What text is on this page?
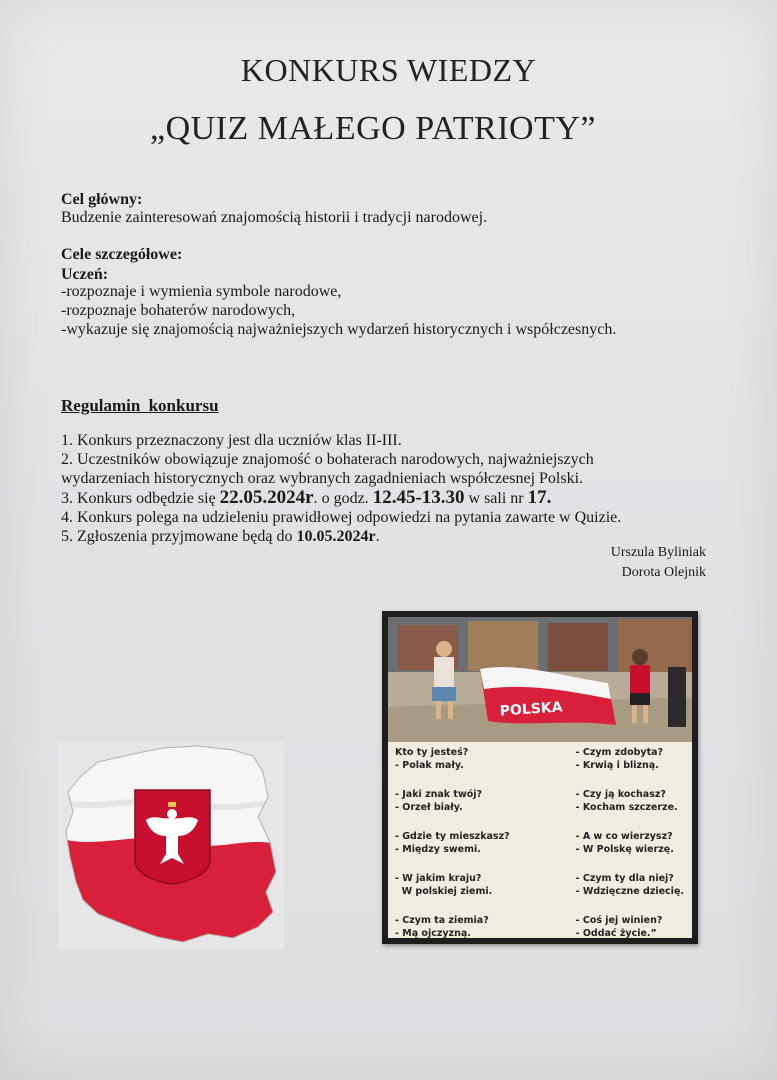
KONKURS WIEDZY
„QUIZ MAŁEGO PATRIOTY”
Cel główny:
Budzenie zainteresowań znajomością historii i tradycji narodowej.
Cele szczegółowe:
Uczeń:
-rozpoznaje i wymienia symbole narodowe,
-rozpoznaje bohaterów narodowych,
-wykazuje się znajomością najważniejszych wydarzeń historycznych i współczesnych.
Regulamin konkursu
1. Konkurs przeznaczony jest dla uczniów klas II-III.
2. Uczestników obowiązuje znajomość o bohaterach narodowych, najważniejszych
wydarzeniach historycznych oraz wybranych zagadnieniach współczesnej Polski.
3. Konkurs odbędzie się 22.05.2024r. o godz. 12.45-13.30 w sali nr 17.
4. Konkurs polega na udzieleniu prawidłowej odpowiedzi na pytania zawarte w Quizie.
5. Zgłoszenia przyjmowane będą do 10.05.2024r.
Urszula Byliniak
Dorota Olejnik
POLSKA
Kto ty jesteś?
- Polak mały.
- Jaki znak twój?
- Orzeł biały.
- Gdzie ty mieszkasz?
- Między swemi.
- W jakim kraju?
W polskiej ziemi.
- Czym ta ziemia?
- Mą ojczyzną.
- Czym zdobyta?
- Krwią i blizną.
- Czy ją kochasz?
- Kocham szczerze.
- A w co wierzysz?
- W Polskę wierzę.
- Czym ty dla niej?
- Wdzięczne dziecię.
- Coś jej winien?
- Oddać życie.”
